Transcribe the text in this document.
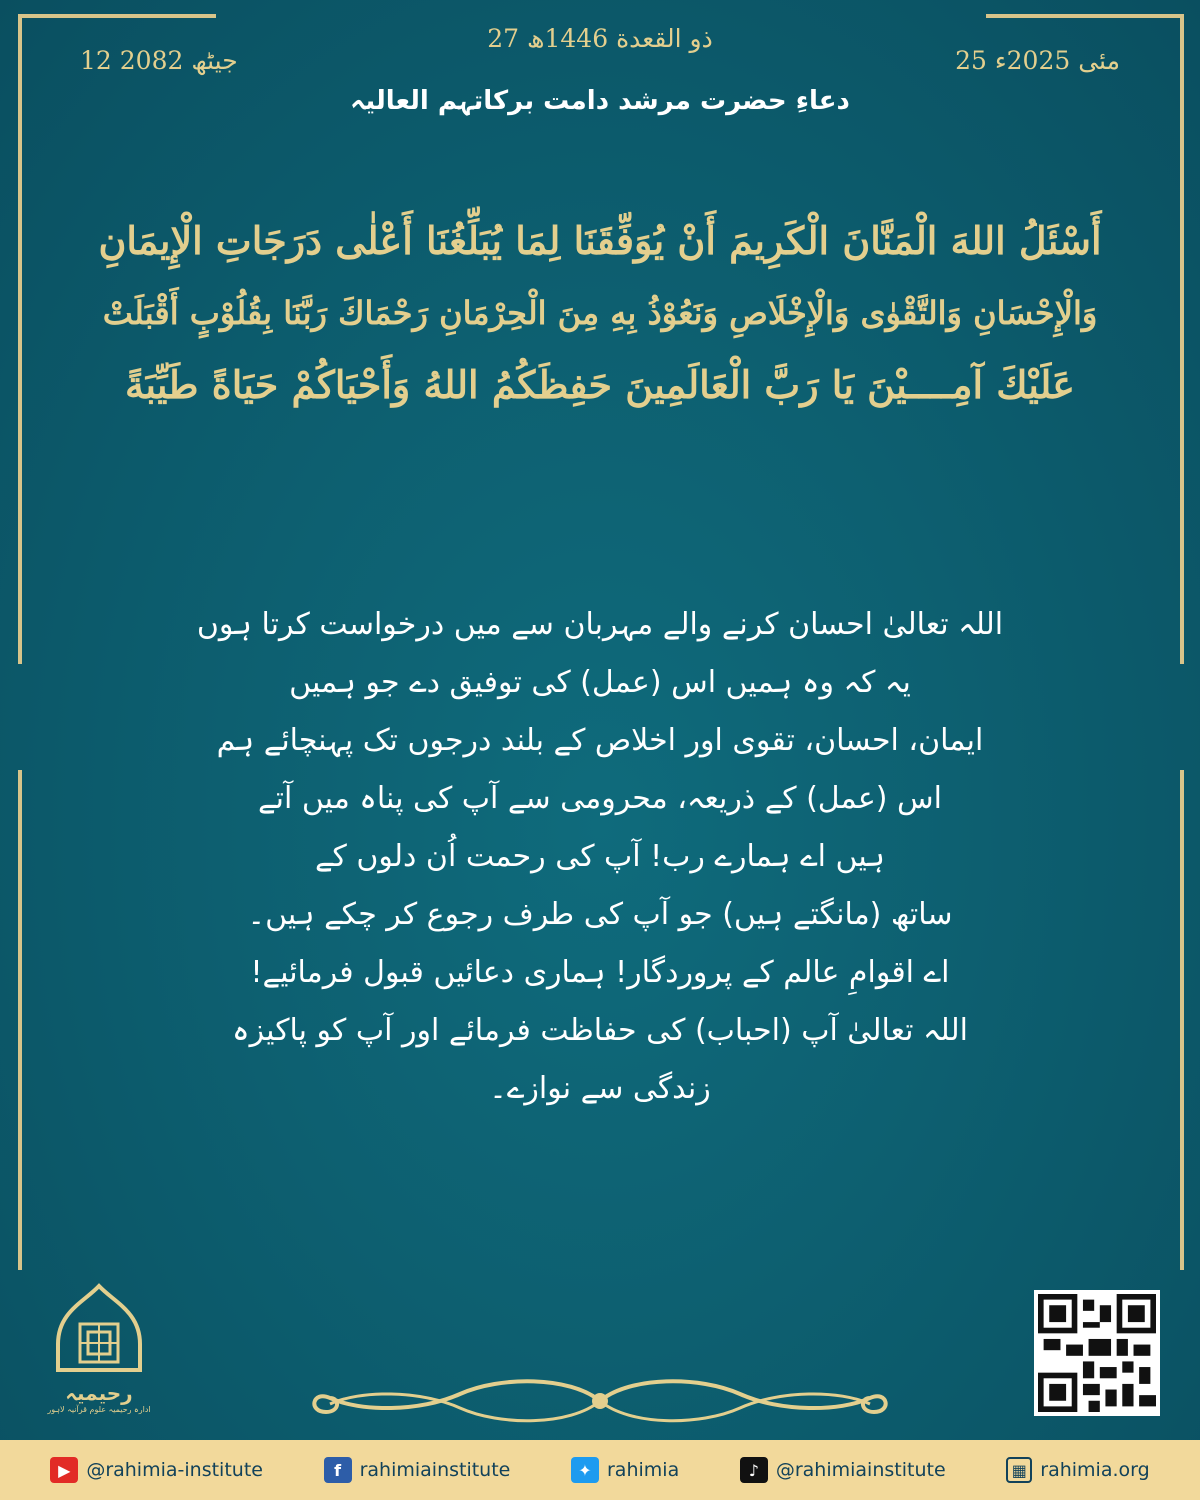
27 ذو القعدة 1446ھ
12 جیٹھ 2082	25 مئی 2025ء
دعاءِ حضرت مرشد دامت برکاتہم العالیہ
أَسْئَلُ اللهَ الْمَنَّانَ الْكَرِيمَ أَنْ يُوَفِّقَنَا لِمَا يُبَلِّغُنَا أَعْلٰى دَرَجَاتِ الْإِيمَانِ
وَالْإِحْسَانِ وَالتَّقْوٰى وَالْإِخْلَاصِ وَنَعُوْذُ بِهِ مِنَ الْحِرْمَانِ رَحْمَاكَ رَبَّنَا بِقُلُوْبٍ أَقْبَلَتْ
عَلَيْكَ آمِــــيْنَ يَا رَبَّ الْعَالَمِينَ حَفِظَكُمُ اللهُ وَأَحْيَاكُمْ حَيَاةً طَيِّبَةً
اللہ تعالیٰ احسان کرنے والے مہربان سے میں درخواست کرتا ہوں
یہ کہ وہ ہمیں اس (عمل) کی توفیق دے جو ہمیں
ایمان، احسان، تقوی اور اخلاص کے بلند درجوں تک پہنچائے ہم
اس (عمل) کے ذریعہ، محرومی سے آپ کی پناہ میں آتے
ہیں اے ہمارے رب! آپ کی رحمت اُن دلوں کے
ساتھ (مانگتے ہیں) جو آپ کی طرف رجوع کر چکے ہیں۔
اے اقوامِ عالم کے پروردگار! ہماری دعائیں قبول فرمائیے!
اللہ تعالیٰ آپ (احباب) کی حفاظت فرمائے اور آپ کو پاکیزہ
زندگی سے نوازے۔
رحیمیہ
ادارہ رحیمیہ علوم قرآنیہ لاہور
▶ @rahimia-institute	f rahimiainstitute	✦ rahimia	♪ @rahimiainstitute	▦ rahimia.org
